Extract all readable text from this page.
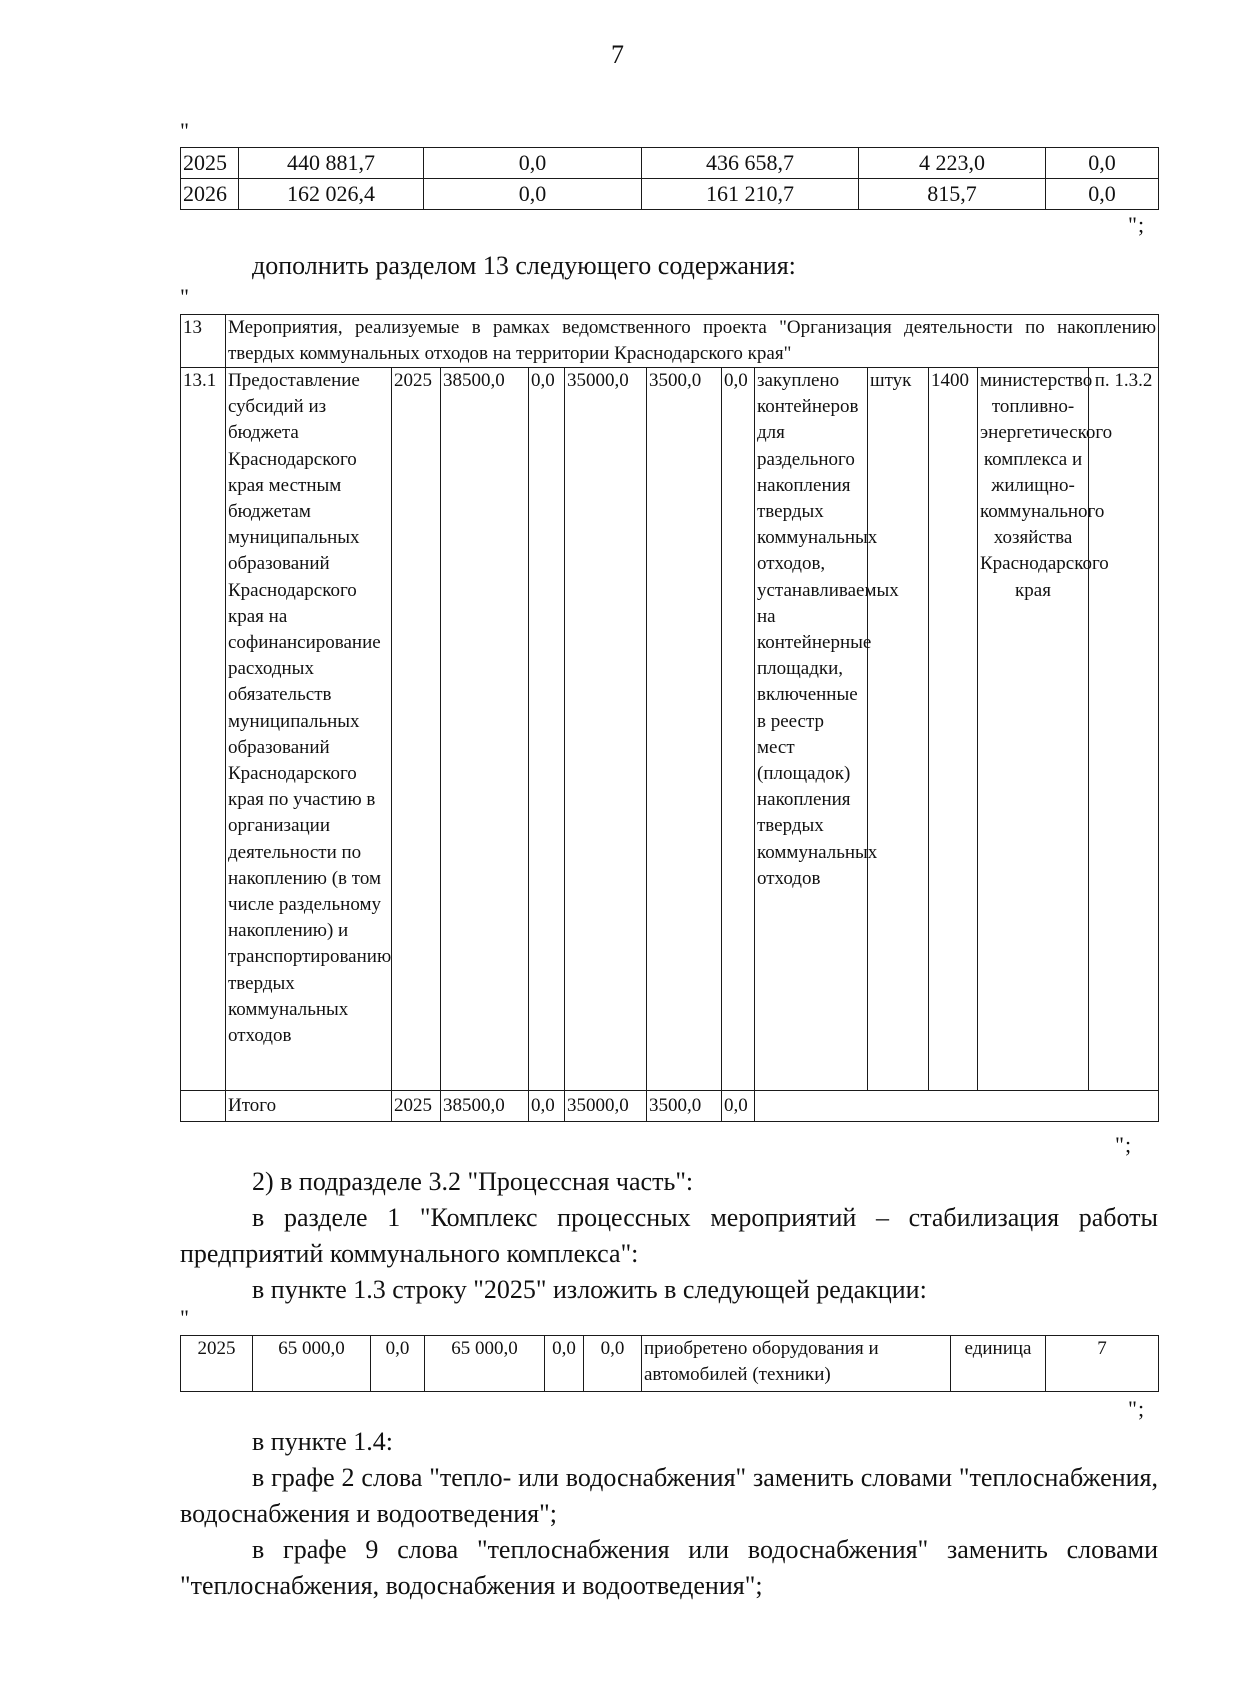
7
"
2025	440 881,7	0,0	436 658,7	4 223,0	0,0
2026	162 026,4	0,0	161 210,7	815,7	0,0
";
дополнить разделом 13 следующего содержания:
"
13	Мероприятия, реализуемые в рамках ведомственного проекта "Организация деятельности по накоплению твердых коммунальных отходов на территории Краснодарского края"											
13.1	Предоставление субсидий из бюджета Краснодарского края местным бюджетам муниципальных образований Краснодарского края на софинансирование расходных обязательств муниципальных образований Краснодарского края по участию в организации деятельности по накоплению (в том числе раздельному накоплению) и транспортированию твердых коммунальных отходов	2025	38500,0	0,0	35000,0	3500,0	0,0	закуплено контейнеров для раздельного накопления твердых коммунальных отходов, устанавливаемых на контейнерные площадки, включенные в реестр мест (площадок) накопления твердых коммунальных отходов	штук	1400	министерство топливно-энергетического комплекса и жилищно-коммунального хозяйства Краснодарского края	п. 1.3.2
	Итого	2025	38500,0	0,0	35000,0	3500,0	0,0					
";
2) в подразделе 3.2 "Процессная часть":
в разделе 1 "Комплекс процессных мероприятий – стабилизация работы предприятий коммунального комплекса":
в пункте 1.3 строку "2025" изложить в следующей редакции:
"
2025	65 000,0	0,0	65 000,0	0,0	0,0	приобретено оборудования и автомобилей (техники)	единица	7
";
в пункте 1.4:
в графе 2 слова "тепло- или водоснабжения" заменить словами "теплоснабжения, водоснабжения и водоотведения";
в графе 9 слова "теплоснабжения или водоснабжения" заменить словами "теплоснабжения, водоснабжения и водоотведения";
